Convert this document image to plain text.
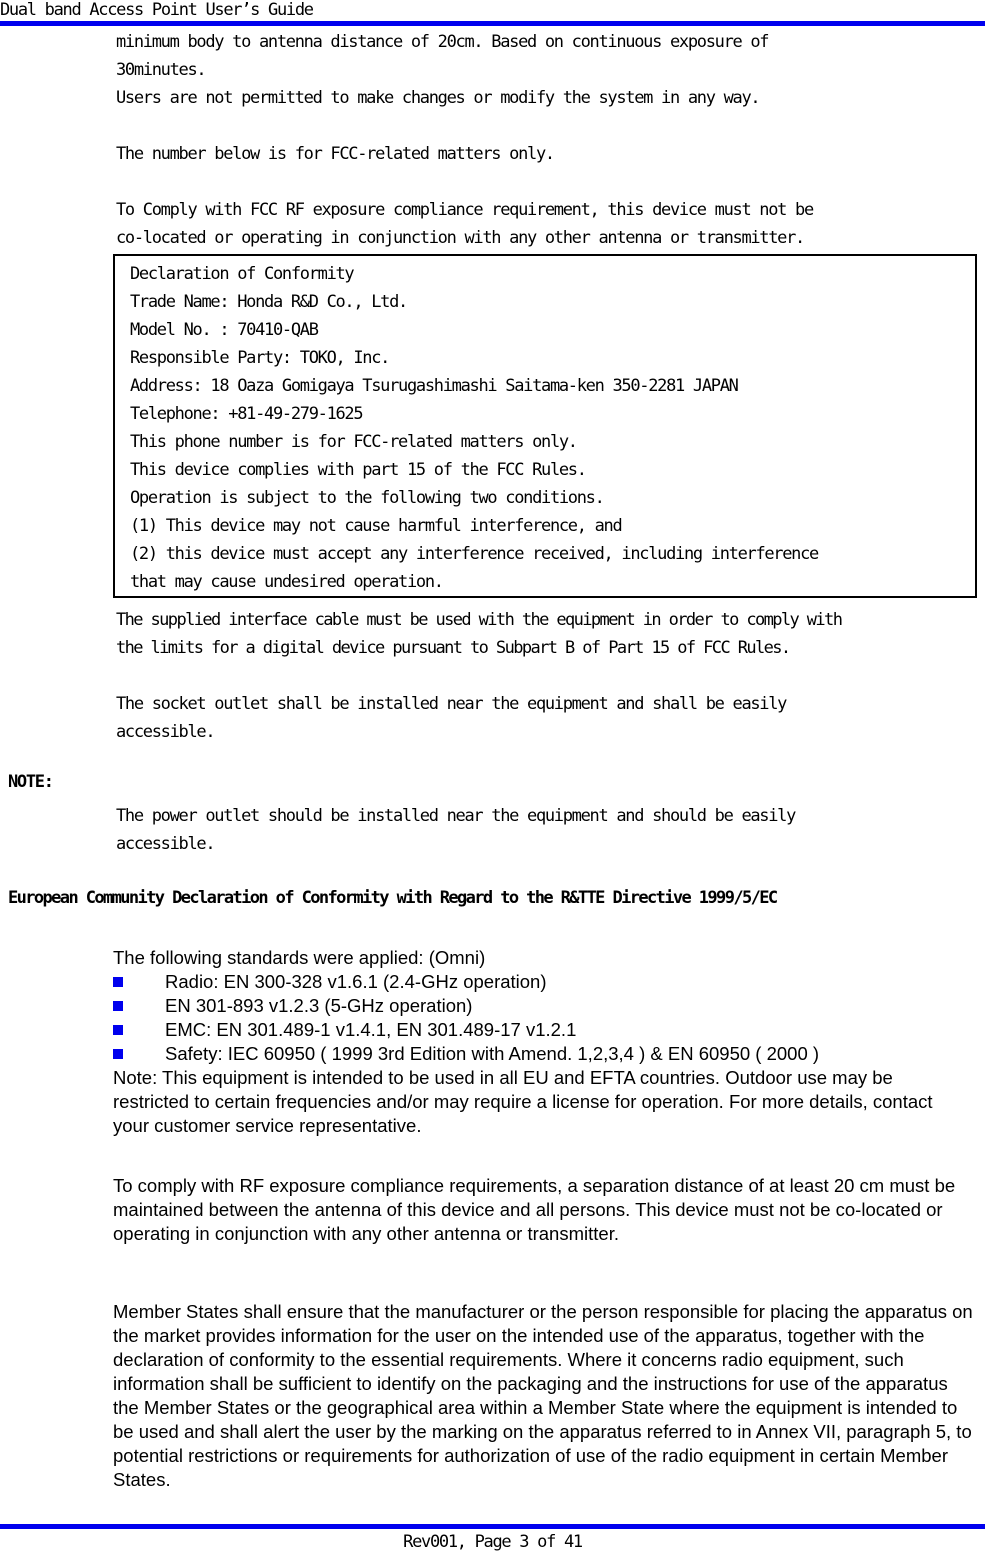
Dual band Access Point User’s Guide
minimum body to antenna distance of 20cm. Based on continuous exposure of
30minutes.
Users are not permitted to make changes or modify the system in any way.
The number below is for FCC-related matters only.
To Comply with FCC RF exposure compliance requirement, this device must not be
co-located or operating in conjunction with any other antenna or transmitter.
Declaration of Conformity
Trade Name: Honda R&D Co., Ltd.
Model No. : 70410-QAB
Responsible Party: TOKO, Inc.
Address: 18 Oaza Gomigaya Tsurugashimashi Saitama-ken 350-2281 JAPAN
Telephone: +81-49-279-1625
This phone number is for FCC-related matters only.
This device complies with part 15 of the FCC Rules.
Operation is subject to the following two conditions.
(1) This device may not cause harmful interference, and
(2) this device must accept any interference received, including interference
that may cause undesired operation.
The supplied interface cable must be used with the equipment in order to comply with
the limits for a digital device pursuant to Subpart B of Part 15 of FCC Rules.
The socket outlet shall be installed near the equipment and shall be easily
accessible.
NOTE:
The power outlet should be installed near the equipment and should be easily
accessible.
European Community Declaration of Conformity with Regard to the R&TTE Directive 1999/5/EC

The following standards were applied: (Omni)

Radio: EN 300-328 v1.6.1 (2.4-GHz operation)
EN 301-893 v1.2.3 (5-GHz operation)
EMC: EN 301.489-1 v1.4.1, EN 301.489-17 v1.2.1
Safety: IEC 60950 ( 1999 3rd Edition with Amend. 1,2,3,4 ) & EN 60950 ( 2000 )

Note: This equipment is intended to be used in all EU and EFTA countries. Outdoor use may be restricted to certain frequencies and/or may require a license for operation. For more details, contact your customer service representative.

To comply with RF exposure compliance requirements, a separation distance of at least 20 cm must be maintained between the antenna of this device and all persons. This device must not be co-located or operating in conjunction with any other antenna or transmitter.
Member States shall ensure that the manufacturer or the person responsible for placing the apparatus on the market provides information for the user on the intended use of the apparatus, together with the declaration of conformity to the essential requirements. Where it concerns radio equipment, such information shall be sufficient to identify on the packaging and the instructions for use of the apparatus the Member States or the geographical area within a Member State where the equipment is intended to be used and shall alert the user by the marking on the apparatus referred to in Annex VII, paragraph 5, to potential restrictions or requirements for authorization of use of the radio equipment in certain Member States.
Rev001, Page 3 of 41
